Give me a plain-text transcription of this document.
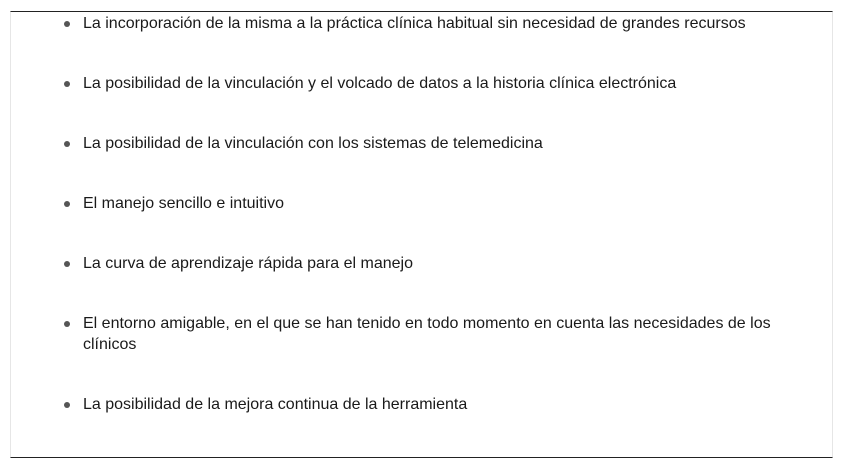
La incorporación de la misma a la práctica clínica habitual sin necesidad de grandes recursos
La posibilidad de la vinculación y el volcado de datos a la historia clínica electrónica
La posibilidad de la vinculación con los sistemas de telemedicina
El manejo sencillo e intuitivo
La curva de aprendizaje rápida para el manejo
El entorno amigable, en el que se han tenido en todo momento en cuenta las necesidades de los clínicos
La posibilidad de la mejora continua de la herramienta
